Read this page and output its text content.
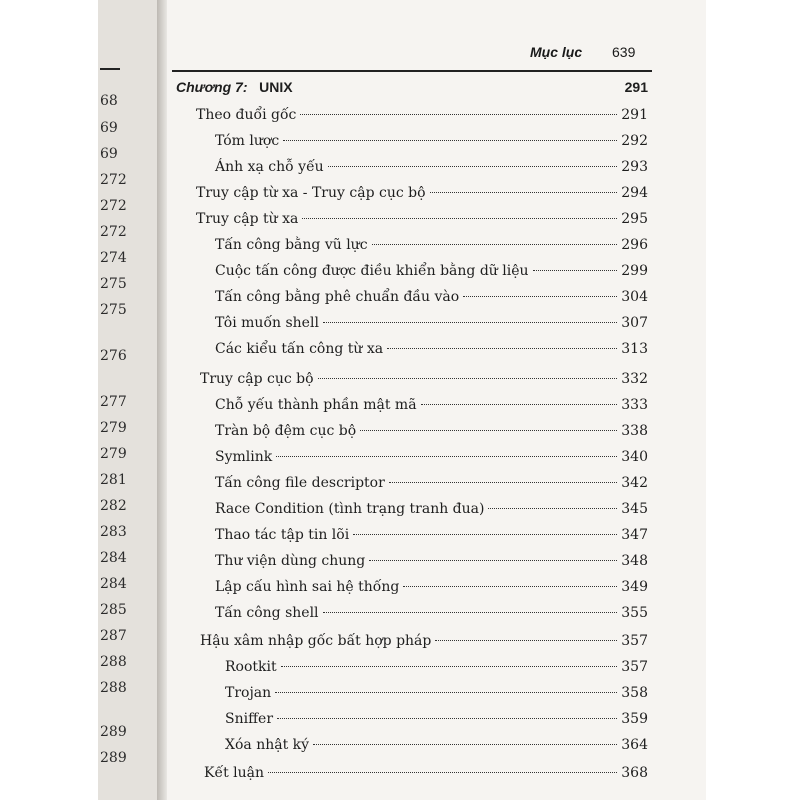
68
69
69
272
272
272
274
275
275
276
277
279
279
281
282
283
284
284
285
287
288
288
289
289
Mục lục 639
Chương 7: UNIX	291
Theo đuổi gốc	291
Tóm lược	292
Ánh xạ chỗ yếu	293
Truy cập từ xa - Truy cập cục bộ	294
Truy cập từ xa	295
Tấn công bằng vũ lực	296
Cuộc tấn công được điều khiển bằng dữ liệu	299
Tấn công bằng phê chuẩn đầu vào	304
Tôi muốn shell	307
Các kiểu tấn công từ xa	313
Truy cập cục bộ	332
Chỗ yếu thành phần mật mã	333
Tràn bộ đệm cục bộ	338
Symlink	340
Tấn công file descriptor	342
Race Condition (tình trạng tranh đua)	345
Thao tác tập tin lõi	347
Thư viện dùng chung	348
Lập cấu hình sai hệ thống	349
Tấn công shell	355
Hậu xâm nhập gốc bất hợp pháp	357
Rootkit	357
Trojan	358
Sniffer	359
Xóa nhật ký	364
Kết luận	368
